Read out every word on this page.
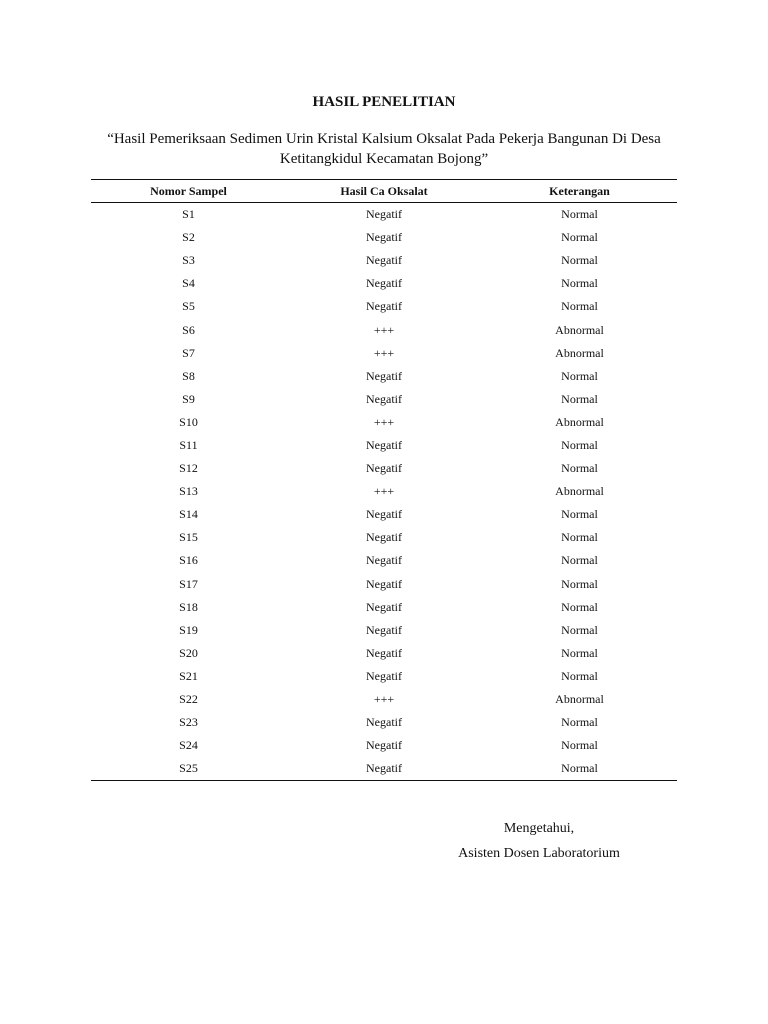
HASIL PENELITIAN
“Hasil Pemeriksaan Sedimen Urin Kristal Kalsium Oksalat Pada Pekerja Bangunan Di Desa Ketitangkidul Kecamatan Bojong”
Nomor Sampel	Hasil Ca Oksalat	Keterangan
S1	Negatif	Normal
S2	Negatif	Normal
S3	Negatif	Normal
S4	Negatif	Normal
S5	Negatif	Normal
S6	+++	Abnormal
S7	+++	Abnormal
S8	Negatif	Normal
S9	Negatif	Normal
S10	+++	Abnormal
S11	Negatif	Normal
S12	Negatif	Normal
S13	+++	Abnormal
S14	Negatif	Normal
S15	Negatif	Normal
S16	Negatif	Normal
S17	Negatif	Normal
S18	Negatif	Normal
S19	Negatif	Normal
S20	Negatif	Normal
S21	Negatif	Normal
S22	+++	Abnormal
S23	Negatif	Normal
S24	Negatif	Normal
S25	Negatif	Normal
Mengetahui,
Asisten Dosen Laboratorium
